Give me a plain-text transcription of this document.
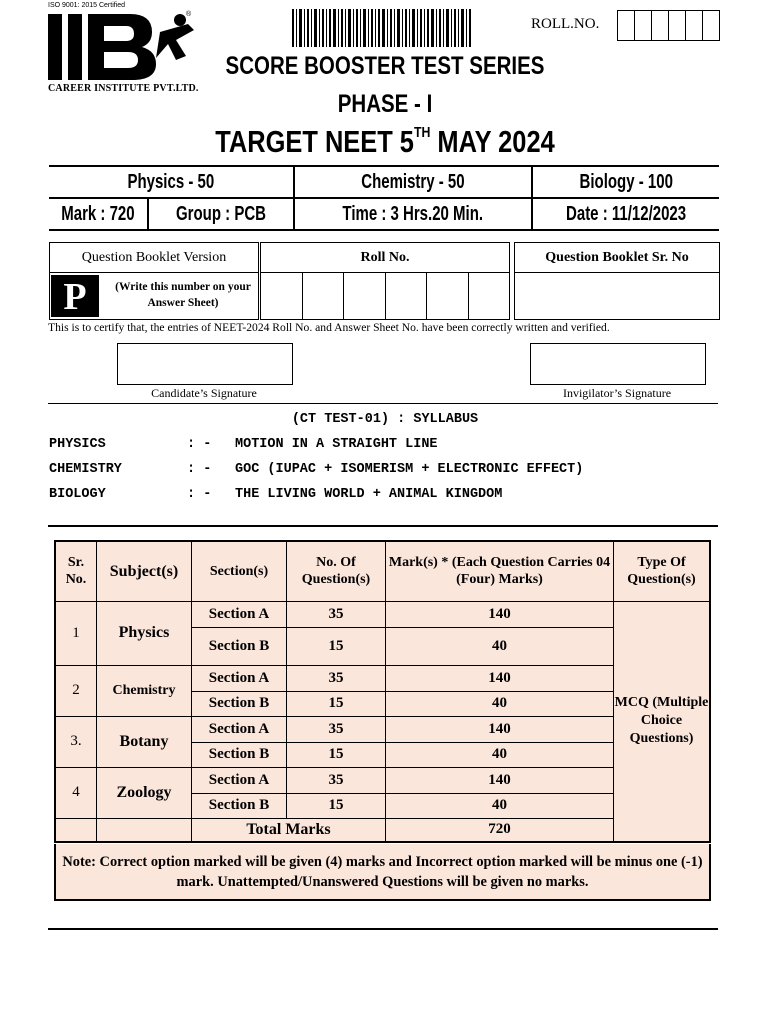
ISO 9001: 2015 Certified
®
CAREER INSTITUTE PVT.LTD.
ROLL.NO.
SCORE BOOSTER TEST SERIES
PHASE - I
TARGET NEET 5TH MAY 2024
Physics - 50		Chemistry - 50	Biology - 100
Mark : 720	Group : PCB	Time : 3 Hrs.20 Min.	Date : 11/12/2023
Question Booklet Version
P	(Write this number on your Answer Sheet)
Roll No.	Question Booklet Sr. No
This is to certify that, the entries of NEET-2024 Roll No. and Answer Sheet No. have been correctly written and verified.
Candidate’s Signature	Invigilator’s Signature
(CT TEST-01) : SYLLABUS
PHYSICS	: - MOTION IN A STRAIGHT LINE
CHEMISTRY	: - GOC (IUPAC + ISOMERISM + ELECTRONIC EFFECT)
BIOLOGY	: - THE LIVING WORLD + ANIMAL KINGDOM
Sr. No.	Subject(s)	Section(s)	No. Of Question(s)	Mark(s) * (Each Question Carries 04 (Four) Marks)	Type Of Question(s)
1	Physics	Section A	35	140	MCQ (Multiple Choice Questions)
		Section B	15	40	
2	Chemistry	Section A	35	140	
		Section B	15	40	
3.	Botany	Section A	35	140	
		Section B	15	40	
4	Zoology	Section A	35	140	
		Section B	15	40	
		Total Marks		720	
Note: Correct option marked will be given (4) marks and Incorrect option marked will be minus one (-1) mark. Unattempted/Unanswered Questions will be given no marks.
